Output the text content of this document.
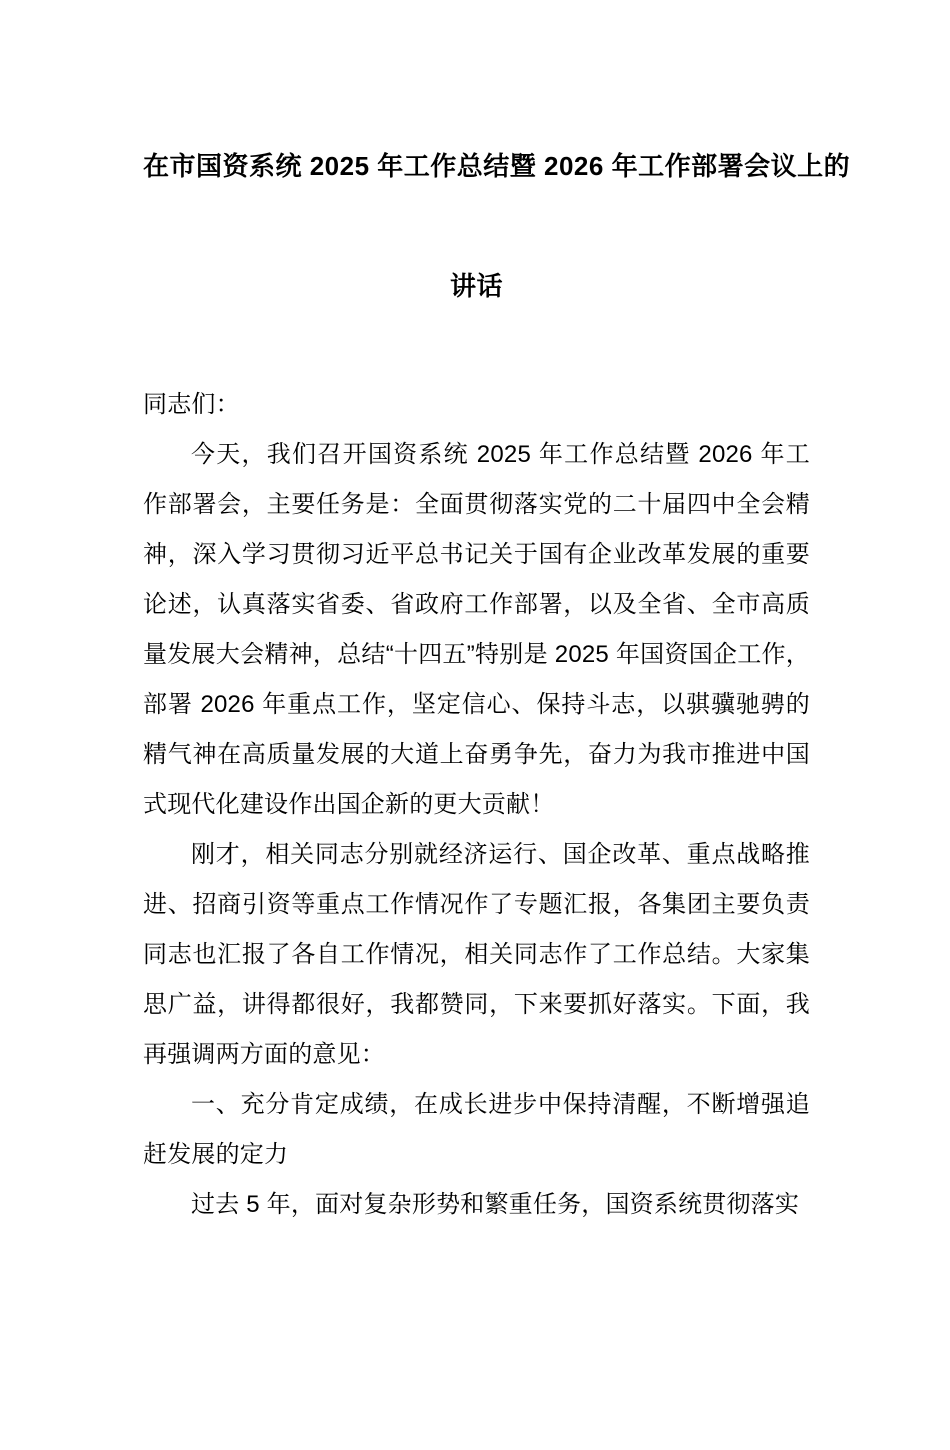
在市国资系统 2025 年工作总结暨 2026 年工作部署会议上的
讲话

同志们：

今天，我们召开国资系统 2025 年工作总结暨 2026 年工作部署会，主要任务是：全面贯彻落实党的二十届四中全会精神，深入学习贯彻习近平总书记关于国有企业改革发展的重要论述，认真落实省委、省政府工作部署，以及全省、全市高质量发展大会精神，总结“十四五”特别是 2025 年国资国企工作，部署 2026 年重点工作，坚定信心、保持斗志，以骐骥驰骋的精气神在高质量发展的大道上奋勇争先，奋力为我市推进中国式现代化建设作出国企新的更大贡献！

刚才，相关同志分别就经济运行、国企改革、重点战略推进、招商引资等重点工作情况作了专题汇报，各集团主要负责同志也汇报了各自工作情况，相关同志作了工作总结。大家集思广益，讲得都很好，我都赞同，下来要抓好落实。下面，我再强调两方面的意见：

一、充分肯定成绩，在成长进步中保持清醒，不断增强追赶发展的定力

过去 5 年，面对复杂形势和繁重任务，国资系统贯彻落实
